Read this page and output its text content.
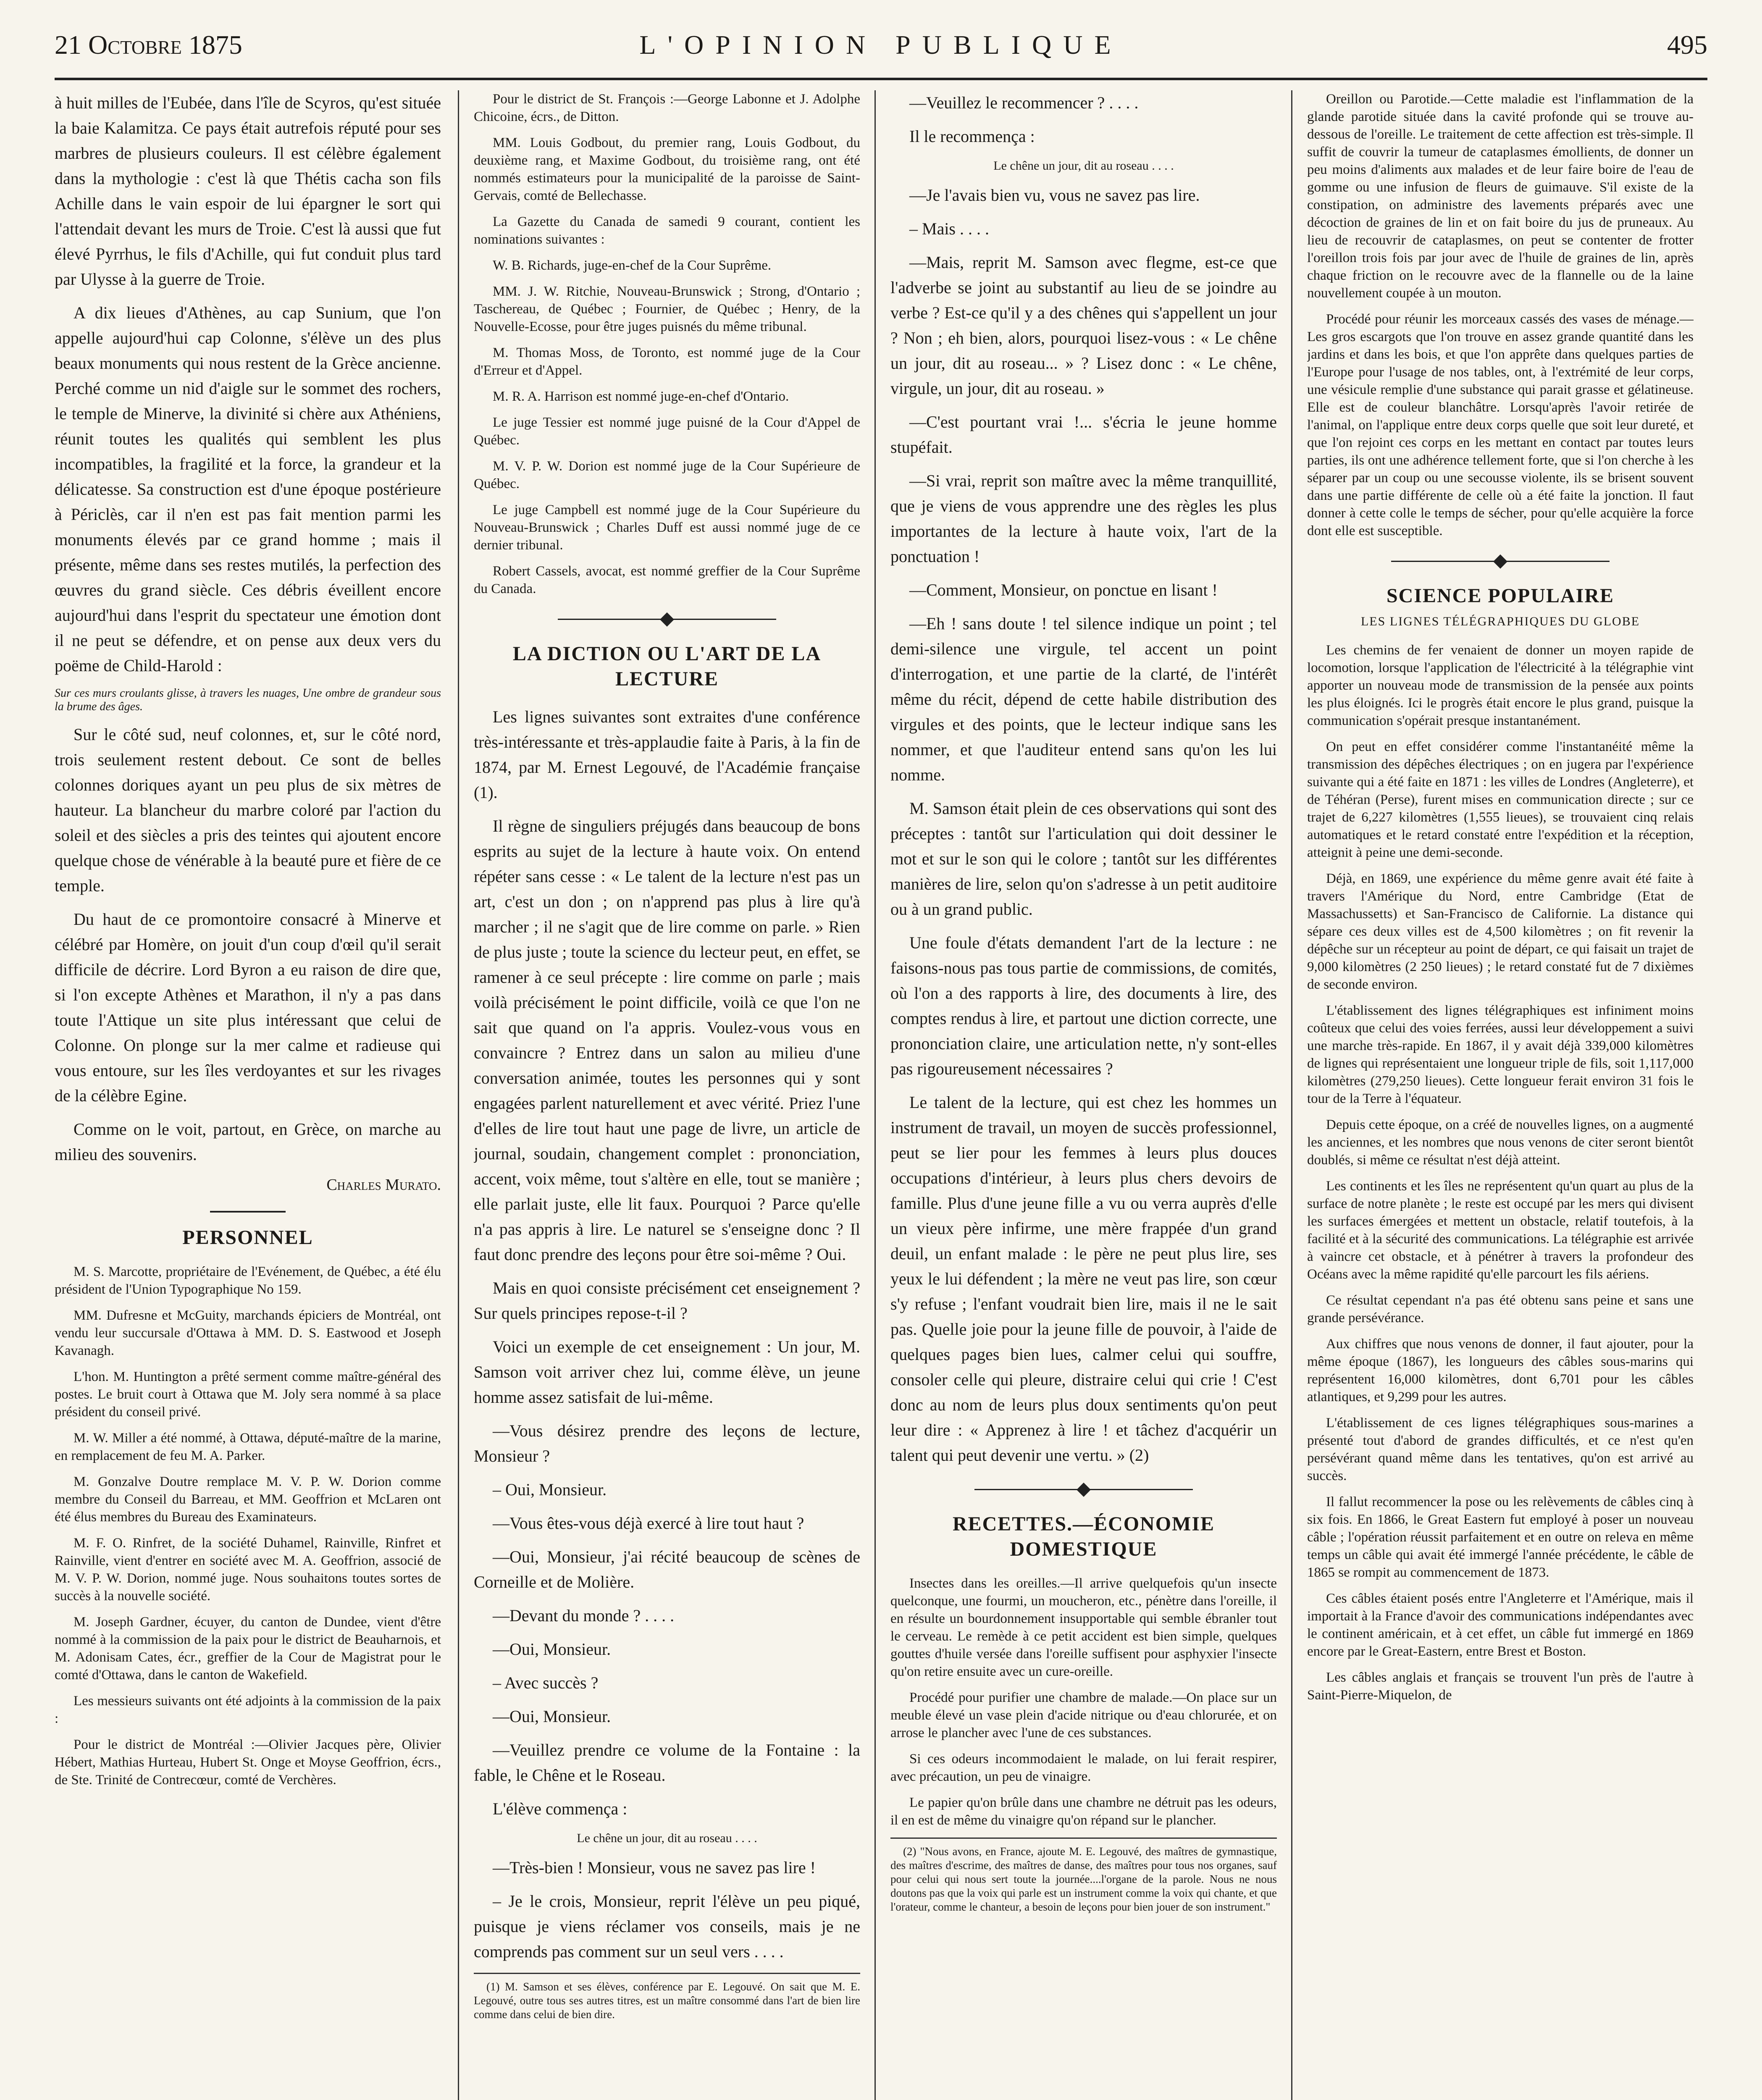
21 Octobre 1875	L'OPINION PUBLIQUE	495

à huit milles de l'Eubée, dans l'île de Scyros, qu'est située la baie Kalamitza. Ce pays était autrefois réputé pour ses marbres de plusieurs couleurs. Il est célèbre également dans la mythologie : c'est là que Thétis cacha son fils Achille dans le vain espoir de lui épargner le sort qui l'attendait devant les murs de Troie. C'est là aussi que fut élevé Pyrrhus, le fils d'Achille, qui fut conduit plus tard par Ulysse à la guerre de Troie.

A dix lieues d'Athènes, au cap Sunium, que l'on appelle aujourd'hui cap Colonne, s'élève un des plus beaux monuments qui nous restent de la Grèce ancienne. Perché comme un nid d'aigle sur le sommet des rochers, le temple de Minerve, la divinité si chère aux Athéniens, réunit toutes les qualités qui semblent les plus incompatibles, la fragilité et la force, la grandeur et la délicatesse. Sa construction est d'une époque postérieure à Périclès, car il n'en est pas fait mention parmi les monuments élevés par ce grand homme ; mais il présente, même dans ses restes mutilés, la perfection des œuvres du grand siècle. Ces débris éveillent encore aujourd'hui dans l'esprit du spectateur une émotion dont il ne peut se défendre, et on pense aux deux vers du poëme de Child-Harold :

Sur ces murs croulants glisse, à travers les nuages, Une ombre de grandeur sous la brume des âges.

Sur le côté sud, neuf colonnes, et, sur le côté nord, trois seulement restent debout. Ce sont de belles colonnes doriques ayant un peu plus de six mètres de hauteur. La blancheur du marbre coloré par l'action du soleil et des siècles a pris des teintes qui ajoutent encore quelque chose de vénérable à la beauté pure et fière de ce temple.

Du haut de ce promontoire consacré à Minerve et célébré par Homère, on jouit d'un coup d'œil qu'il serait difficile de décrire. Lord Byron a eu raison de dire que, si l'on excepte Athènes et Marathon, il n'y a pas dans toute l'Attique un site plus intéressant que celui de Colonne. On plonge sur la mer calme et radieuse qui vous entoure, sur les îles verdoyantes et sur les rivages de la célèbre Egine.

Comme on le voit, partout, en Grèce, on marche au milieu des souvenirs.

Charles Murato.

PERSONNEL

M. S. Marcotte, propriétaire de l'Evénement, de Québec, a été élu président de l'Union Typographique No 159.

MM. Dufresne et McGuity, marchands épiciers de Montréal, ont vendu leur succursale d'Ottawa à MM. D. S. Eastwood et Joseph Kavanagh.

L'hon. M. Huntington a prêté serment comme maître-général des postes. Le bruit court à Ottawa que M. Joly sera nommé à sa place président du conseil privé.

M. W. Miller a été nommé, à Ottawa, député-maître de la marine, en remplacement de feu M. A. Parker.

M. Gonzalve Doutre remplace M. V. P. W. Dorion comme membre du Conseil du Barreau, et MM. Geoffrion et McLaren ont été élus membres du Bureau des Examinateurs.

M. F. O. Rinfret, de la société Duhamel, Rainville, Rinfret et Rainville, vient d'entrer en société avec M. A. Geoffrion, associé de M. V. P. W. Dorion, nommé juge. Nous souhaitons toutes sortes de succès à la nouvelle société.

M. Joseph Gardner, écuyer, du canton de Dundee, vient d'être nommé à la commission de la paix pour le district de Beauharnois, et M. Adonisam Cates, écr., greffier de la Cour de Magistrat pour le comté d'Ottawa, dans le canton de Wakefield.

Les messieurs suivants ont été adjoints à la commission de la paix :

Pour le district de Montréal :—Olivier Jacques père, Olivier Hébert, Mathias Hurteau, Hubert St. Onge et Moyse Geoffrion, écrs., de Ste. Trinité de Contrecœur, comté de Verchères.

Pour le district de St. François :—George Labonne et J. Adolphe Chicoine, écrs., de Ditton.

MM. Louis Godbout, du premier rang, Louis Godbout, du deuxième rang, et Maxime Godbout, du troisième rang, ont été nommés estimateurs pour la municipalité de la paroisse de Saint-Gervais, comté de Bellechasse.

La Gazette du Canada de samedi 9 courant, contient les nominations suivantes :

W. B. Richards, juge-en-chef de la Cour Suprême.

MM. J. W. Ritchie, Nouveau-Brunswick ; Strong, d'Ontario ; Taschereau, de Québec ; Fournier, de Québec ; Henry, de la Nouvelle-Ecosse, pour être juges puisnés du même tribunal.

M. Thomas Moss, de Toronto, est nommé juge de la Cour d'Erreur et d'Appel.

M. R. A. Harrison est nommé juge-en-chef d'Ontario.

Le juge Tessier est nommé juge puisné de la Cour d'Appel de Québec.

M. V. P. W. Dorion est nommé juge de la Cour Supérieure de Québec.

Le juge Campbell est nommé juge de la Cour Supérieure du Nouveau-Brunswick ; Charles Duff est aussi nommé juge de ce dernier tribunal.

Robert Cassels, avocat, est nommé greffier de la Cour Suprême du Canada.

LA DICTION OU L'ART DE LA LECTURE

Les lignes suivantes sont extraites d'une conférence très-intéressante et très-applaudie faite à Paris, à la fin de 1874, par M. Ernest Legouvé, de l'Académie française (1).

Il règne de singuliers préjugés dans beaucoup de bons esprits au sujet de la lecture à haute voix. On entend répéter sans cesse : « Le talent de la lecture n'est pas un art, c'est un don ; on n'apprend pas plus à lire qu'à marcher ; il ne s'agit que de lire comme on parle. » Rien de plus juste ; toute la science du lecteur peut, en effet, se ramener à ce seul précepte : lire comme on parle ; mais voilà précisément le point difficile, voilà ce que l'on ne sait que quand on l'a appris. Voulez-vous vous en convaincre ? Entrez dans un salon au milieu d'une conversation animée, toutes les personnes qui y sont engagées parlent naturellement et avec vérité. Priez l'une d'elles de lire tout haut une page de livre, un article de journal, soudain, changement complet : prononciation, accent, voix même, tout s'altère en elle, tout se manière ; elle parlait juste, elle lit faux. Pourquoi ? Parce qu'elle n'a pas appris à lire. Le naturel se s'enseigne donc ? Il faut donc prendre des leçons pour être soi-même ? Oui.

Mais en quoi consiste précisément cet enseignement ? Sur quels principes repose-t-il ?

Voici un exemple de cet enseignement : Un jour, M. Samson voit arriver chez lui, comme élève, un jeune homme assez satisfait de lui-même.

—Vous désirez prendre des leçons de lecture, Monsieur ?

– Oui, Monsieur.

—Vous êtes-vous déjà exercé à lire tout haut ?

—Oui, Monsieur, j'ai récité beaucoup de scènes de Corneille et de Molière.

—Devant du monde ? . . . .

—Oui, Monsieur.

– Avec succès ?

—Oui, Monsieur.

—Veuillez prendre ce volume de la Fontaine : la fable, le Chêne et le Roseau.

L'élève commença :

Le chêne un jour, dit au roseau . . . .

—Très-bien ! Monsieur, vous ne savez pas lire !

– Je le crois, Monsieur, reprit l'élève un peu piqué, puisque je viens réclamer vos conseils, mais je ne comprends pas comment sur un seul vers . . . .

(1) M. Samson et ses élèves, conférence par E. Legouvé. On sait que M. E. Legouvé, outre tous ses autres titres, est un maître consommé dans l'art de bien lire comme dans celui de bien dire.

—Veuillez le recommencer ? . . . .

Il le recommença :

Le chêne un jour, dit au roseau . . . .

—Je l'avais bien vu, vous ne savez pas lire.

– Mais . . . .

—Mais, reprit M. Samson avec flegme, est-ce que l'adverbe se joint au substantif au lieu de se joindre au verbe ? Est-ce qu'il y a des chênes qui s'appellent un jour ? Non ; eh bien, alors, pourquoi lisez-vous : « Le chêne un jour, dit au roseau... » ? Lisez donc : « Le chêne, virgule, un jour, dit au roseau. »

—C'est pourtant vrai !... s'écria le jeune homme stupéfait.

—Si vrai, reprit son maître avec la même tranquillité, que je viens de vous apprendre une des règles les plus importantes de la lecture à haute voix, l'art de la ponctuation !

—Comment, Monsieur, on ponctue en lisant !

—Eh ! sans doute ! tel silence indique un point ; tel demi-silence une virgule, tel accent un point d'interrogation, et une partie de la clarté, de l'intérêt même du récit, dépend de cette habile distribution des virgules et des points, que le lecteur indique sans les nommer, et que l'auditeur entend sans qu'on les lui nomme.

M. Samson était plein de ces observations qui sont des préceptes : tantôt sur l'articulation qui doit dessiner le mot et sur le son qui le colore ; tantôt sur les différentes manières de lire, selon qu'on s'adresse à un petit auditoire ou à un grand public.

Une foule d'états demandent l'art de la lecture : ne faisons-nous pas tous partie de commissions, de comités, où l'on a des rapports à lire, des documents à lire, des comptes rendus à lire, et partout une diction correcte, une prononciation claire, une articulation nette, n'y sont-elles pas rigoureusement nécessaires ?

Le talent de la lecture, qui est chez les hommes un instrument de travail, un moyen de succès professionnel, peut se lier pour les femmes à leurs plus douces occupations d'intérieur, à leurs plus chers devoirs de famille. Plus d'une jeune fille a vu ou verra auprès d'elle un vieux père infirme, une mère frappée d'un grand deuil, un enfant malade : le père ne peut plus lire, ses yeux le lui défendent ; la mère ne veut pas lire, son cœur s'y refuse ; l'enfant voudrait bien lire, mais il ne le sait pas. Quelle joie pour la jeune fille de pouvoir, à l'aide de quelques pages bien lues, calmer celui qui souffre, consoler celle qui pleure, distraire celui qui crie ! C'est donc au nom de leurs plus doux sentiments qu'on peut leur dire : « Apprenez à lire ! et tâchez d'acquérir un talent qui peut devenir une vertu. » (2)

RECETTES.—ÉCONOMIE DOMESTIQUE

Insectes dans les oreilles.—Il arrive quelquefois qu'un insecte quelconque, une fourmi, un moucheron, etc., pénètre dans l'oreille, il en résulte un bourdonnement insupportable qui semble ébranler tout le cerveau. Le remède à ce petit accident est bien simple, quelques gouttes d'huile versée dans l'oreille suffisent pour asphyxier l'insecte qu'on retire ensuite avec un cure-oreille.

Procédé pour purifier une chambre de malade.—On place sur un meuble élevé un vase plein d'acide nitrique ou d'eau chlorurée, et on arrose le plancher avec l'une de ces substances.

Si ces odeurs incommodaient le malade, on lui ferait respirer, avec précaution, un peu de vinaigre.

Le papier qu'on brûle dans une chambre ne détruit pas les odeurs, il en est de même du vinaigre qu'on répand sur le plancher.

(2) "Nous avons, en France, ajoute M. E. Legouvé, des maîtres de gymnastique, des maîtres d'escrime, des maîtres de danse, des maîtres pour tous nos organes, sauf pour celui qui nous sert toute la journée....l'organe de la parole. Nous ne nous doutons pas que la voix qui parle est un instrument comme la voix qui chante, et que l'orateur, comme le chanteur, a besoin de leçons pour bien jouer de son instrument."

Oreillon ou Parotide.—Cette maladie est l'inflammation de la glande parotide située dans la cavité profonde qui se trouve au-dessous de l'oreille. Le traitement de cette affection est très-simple. Il suffit de couvrir la tumeur de cataplasmes émollients, de donner un peu moins d'aliments aux malades et de leur faire boire de l'eau de gomme ou une infusion de fleurs de guimauve. S'il existe de la constipation, on administre des lavements préparés avec une décoction de graines de lin et on fait boire du jus de pruneaux. Au lieu de recouvrir de cataplasmes, on peut se contenter de frotter l'oreillon trois fois par jour avec de l'huile de graines de lin, après chaque friction on le recouvre avec de la flannelle ou de la laine nouvellement coupée à un mouton.

Procédé pour réunir les morceaux cassés des vases de ménage.—Les gros escargots que l'on trouve en assez grande quantité dans les jardins et dans les bois, et que l'on apprête dans quelques parties de l'Europe pour l'usage de nos tables, ont, à l'extrémité de leur corps, une vésicule remplie d'une substance qui parait grasse et gélatineuse. Elle est de couleur blanchâtre. Lorsqu'après l'avoir retirée de l'animal, on l'applique entre deux corps quelle que soit leur dureté, et que l'on rejoint ces corps en les mettant en contact par toutes leurs parties, ils ont une adhérence tellement forte, que si l'on cherche à les séparer par un coup ou une secousse violente, ils se brisent souvent dans une partie différente de celle où a été faite la jonction. Il faut donner à cette colle le temps de sécher, pour qu'elle acquière la force dont elle est susceptible.

SCIENCE POPULAIRE
LES LIGNES TÉLÉGRAPHIQUES DU GLOBE

Les chemins de fer venaient de donner un moyen rapide de locomotion, lorsque l'application de l'électricité à la télégraphie vint apporter un nouveau mode de transmission de la pensée aux points les plus éloignés. Ici le progrès était encore le plus grand, puisque la communication s'opérait presque instantanément.

On peut en effet considérer comme l'instantanéité même la transmission des dépêches électriques ; on en jugera par l'expérience suivante qui a été faite en 1871 : les villes de Londres (Angleterre), et de Téhéran (Perse), furent mises en communication directe ; sur ce trajet de 6,227 kilomètres (1,555 lieues), se trouvaient cinq relais automatiques et le retard constaté entre l'expédition et la réception, atteignit à peine une demi-seconde.

Déjà, en 1869, une expérience du même genre avait été faite à travers l'Amérique du Nord, entre Cambridge (Etat de Massachussetts) et San-Francisco de Californie. La distance qui sépare ces deux villes est de 4,500 kilomètres ; on fit revenir la dépêche sur un récepteur au point de départ, ce qui faisait un trajet de 9,000 kilomètres (2 250 lieues) ; le retard constaté fut de 7 dixièmes de seconde environ.

L'établissement des lignes télégraphiques est infiniment moins coûteux que celui des voies ferrées, aussi leur développement a suivi une marche très-rapide. En 1867, il y avait déjà 339,000 kilomètres de lignes qui représentaient une longueur triple de fils, soit 1,117,000 kilomètres (279,250 lieues). Cette longueur ferait environ 31 fois le tour de la Terre à l'équateur.

Depuis cette époque, on a créé de nouvelles lignes, on a augmenté les anciennes, et les nombres que nous venons de citer seront bientôt doublés, si même ce résultat n'est déjà atteint.

Les continents et les îles ne représentent qu'un quart au plus de la surface de notre planète ; le reste est occupé par les mers qui divisent les surfaces émergées et mettent un obstacle, relatif toutefois, à la facilité et à la sécurité des communications. La télégraphie est arrivée à vaincre cet obstacle, et à pénétrer à travers la profondeur des Océans avec la même rapidité qu'elle parcourt les fils aériens.

Ce résultat cependant n'a pas été obtenu sans peine et sans une grande persévérance.

Aux chiffres que nous venons de donner, il faut ajouter, pour la même époque (1867), les longueurs des câbles sous-marins qui représentent 16,000 kilomètres, dont 6,701 pour les câbles atlantiques, et 9,299 pour les autres.

L'établissement de ces lignes télégraphiques sous-marines a présenté tout d'abord de grandes difficultés, et ce n'est qu'en persévérant quand même dans les tentatives, qu'on est arrivé au succès.

Il fallut recommencer la pose ou les relèvements de câbles cinq à six fois. En 1866, le Great Eastern fut employé à poser un nouveau câble ; l'opération réussit parfaitement et en outre on releva en même temps un câble qui avait été immergé l'année précédente, le câble de 1865 se rompit au commencement de 1873.

Ces câbles étaient posés entre l'Angleterre et l'Amérique, mais il importait à la France d'avoir des communications indépendantes avec le continent américain, et à cet effet, un câble fut immergé en 1869 encore par le Great-Eastern, entre Brest et Boston.

Les câbles anglais et français se trouvent l'un près de l'autre à Saint-Pierre-Miquelon, de
